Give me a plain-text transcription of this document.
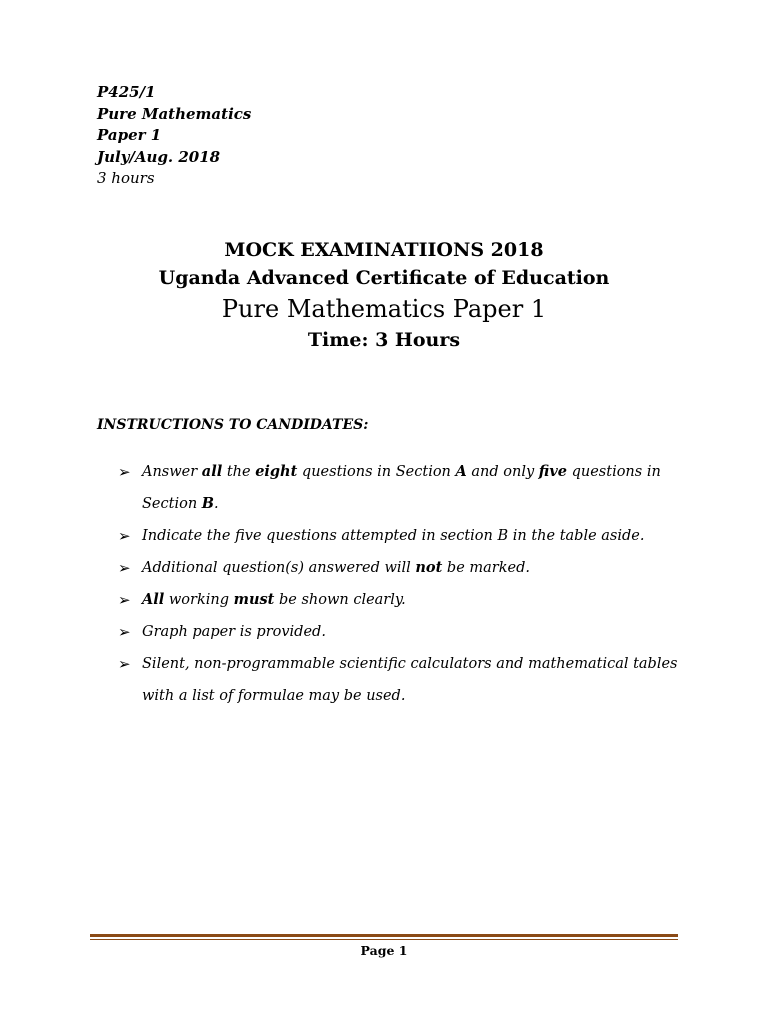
P425/1
Pure Mathematics
Paper 1
July/Aug. 2018
3 hours
MOCK EXAMINATIIONS 2018
Uganda Advanced Certificate of Education
Pure Mathematics Paper 1
Time: 3 Hours
INSTRUCTIONS TO CANDIDATES:
➢ Answer all the eight questions in Section A and only five questions in Section B.
➢ Indicate the five questions attempted in section B in the table aside.
➢ Additional question(s) answered will not be marked.
➢ All working must be shown clearly.
➢ Graph paper is provided.
➢ Silent, non-programmable scientific calculators and mathematical tables with a list of formulae may be used.
Page 1
